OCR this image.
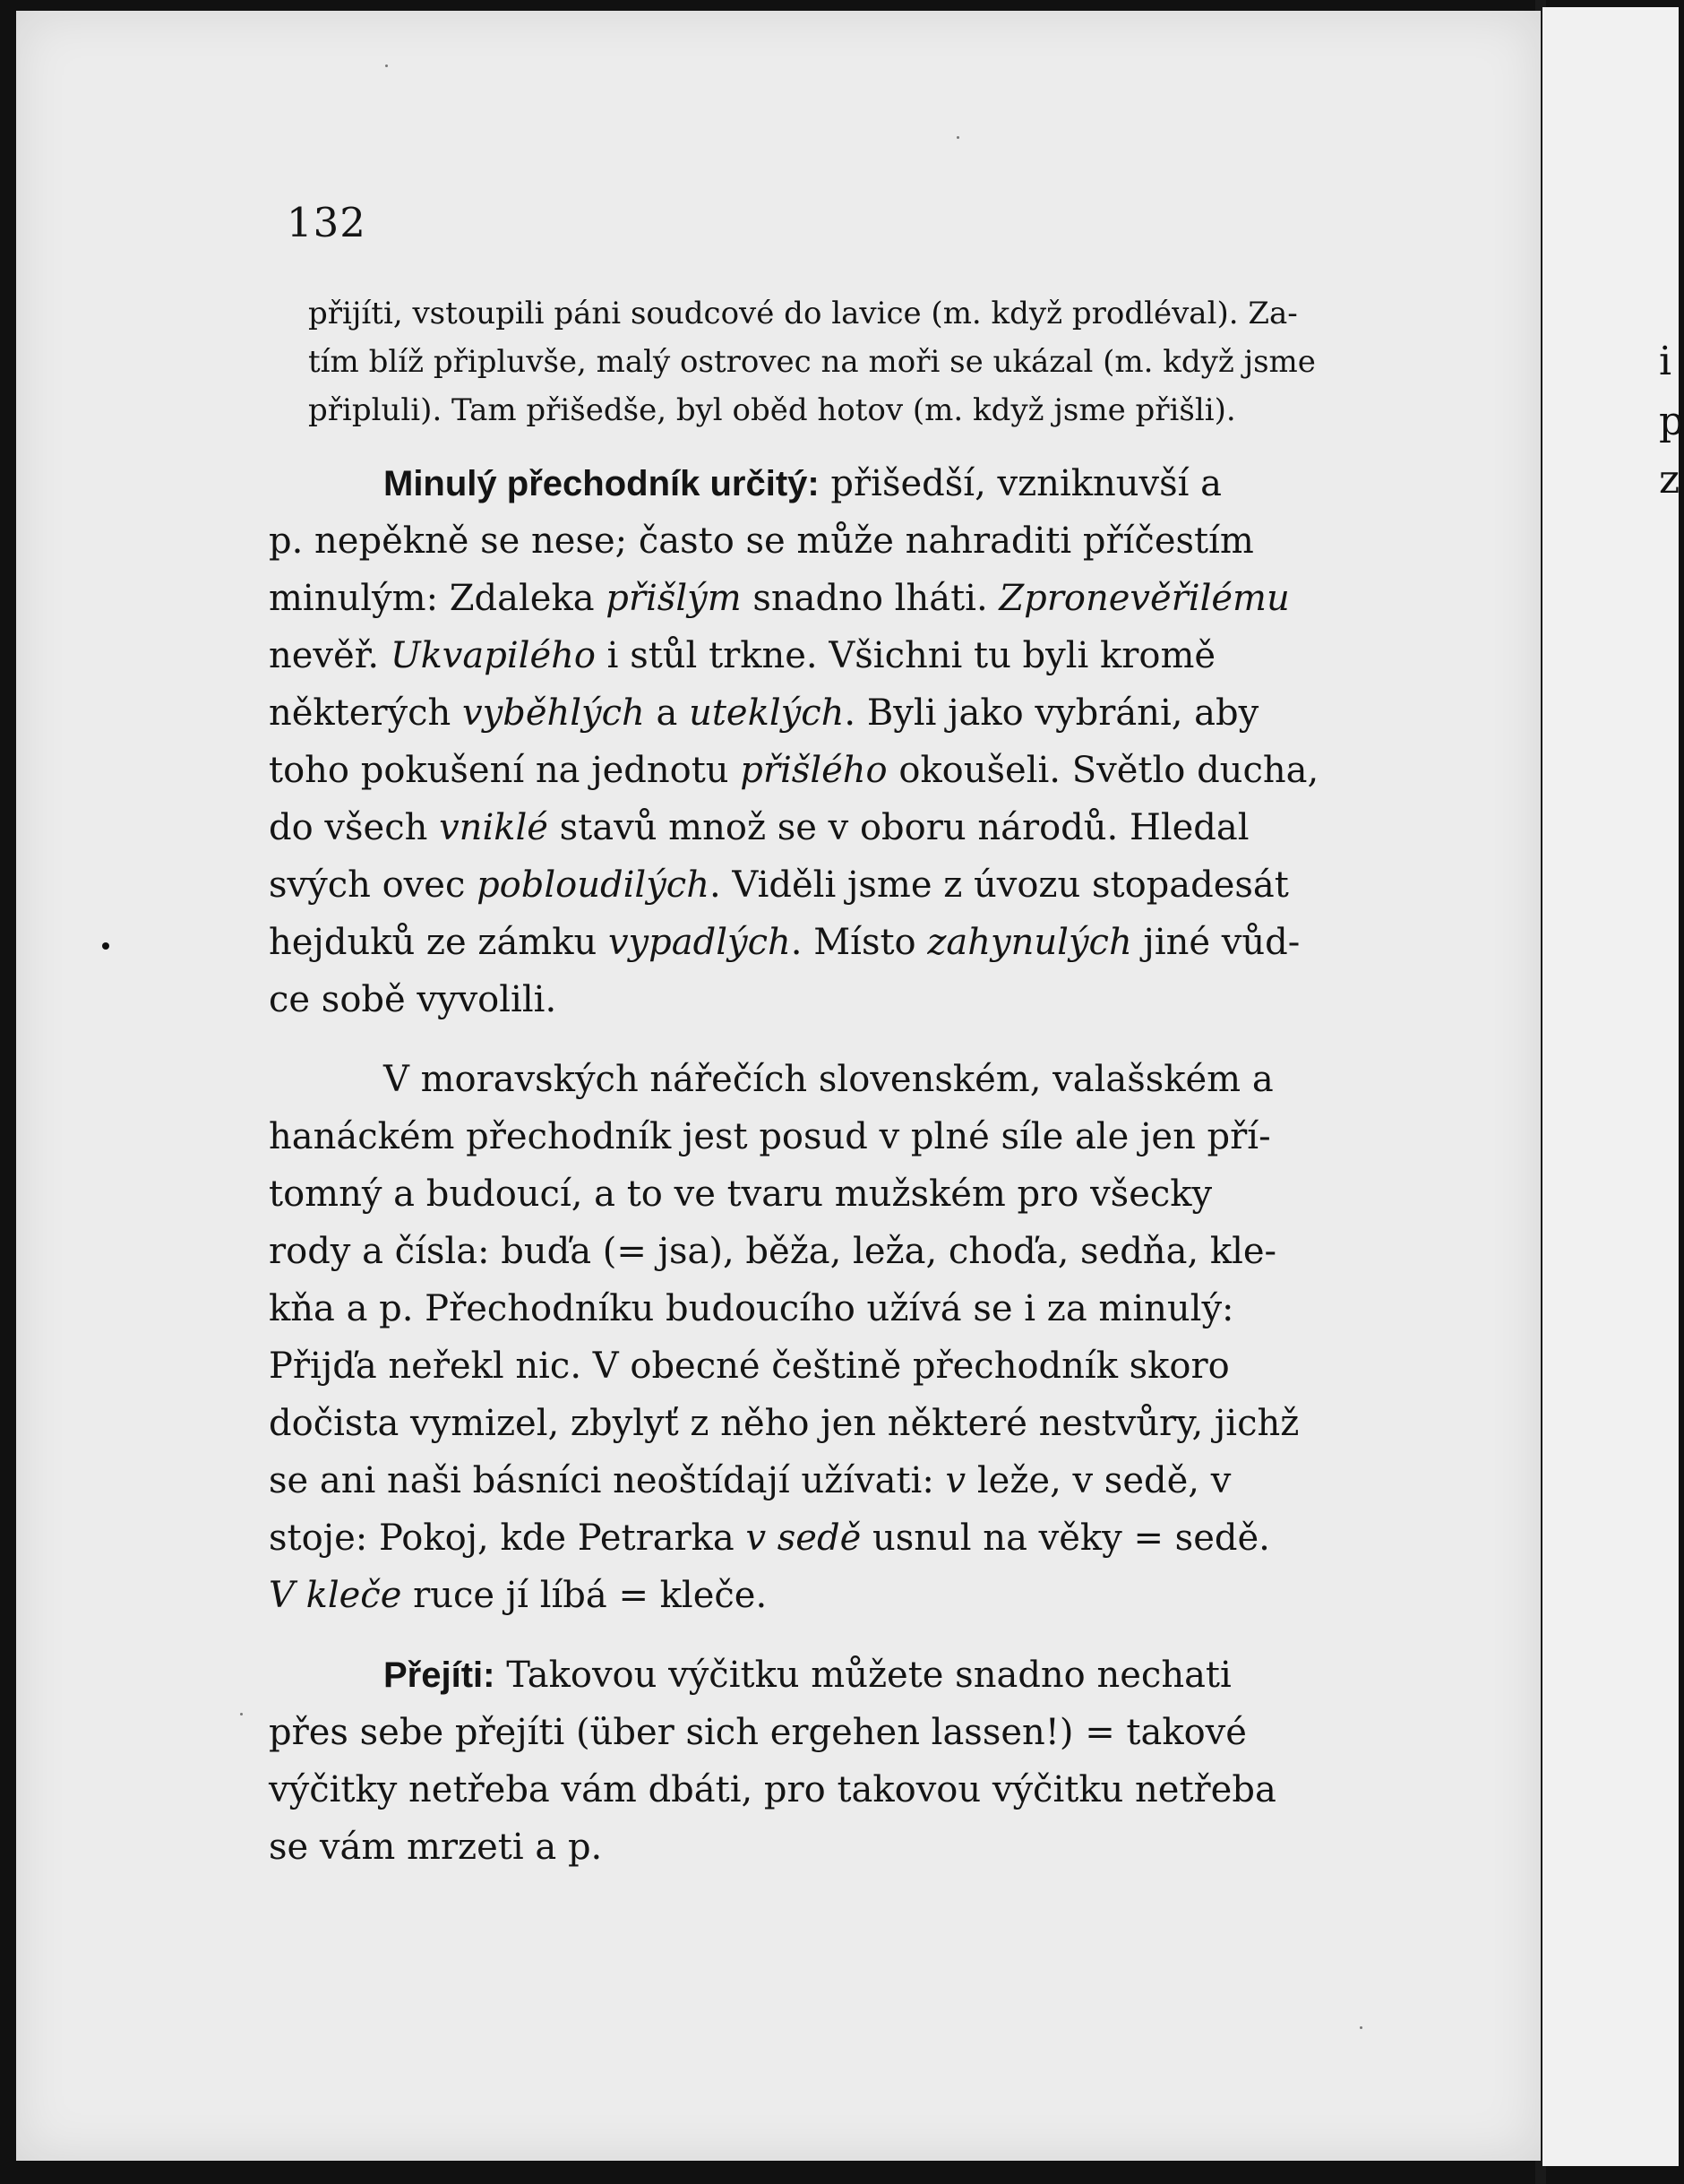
132
přijíti, vstoupili páni soudcové do lavice (m. když prodléval). Za-
tím blíž připluvše, malý ostrovec na moři se ukázal (m. když jsme
připluli). Tam přišedše, byl oběd hotov (m. když jsme přišli).
Minulý přechodník určitý: přišedší, vzniknuvší a
p. nepěkně se nese; často se může nahraditi příčestím
minulým: Zdaleka přišlým snadno lháti. Zpronevěřilému
nevěř. Ukvapilého i stůl trkne. Všichni tu byli kromě
některých vyběhlých a uteklých. Byli jako vybráni, aby
toho pokušení na jednotu přišlého okoušeli. Světlo ducha,
do všech vniklé stavů množ se v oboru národů. Hledal
svých ovec pobloudilých. Viděli jsme z úvozu stopadesát
hejduků ze zámku vypadlých. Místo zahynulých jiné vůd-
ce sobě vyvolili.
V moravských nářečích slovenském, valašském a
hanáckém přechodník jest posud v plné síle ale jen pří-
tomný a budoucí, a to ve tvaru mužském pro všecky
rody a čísla: buďa (= jsa), běža, leža, choďa, sedňa, kle-
kňa a p. Přechodníku budoucího užívá se i za minulý:
Přijďa neřekl nic. V obecné češtině přechodník skoro
dočista vymizel, zbylyť z něho jen některé nestvůry, jichž
se ani naši básníci neoštídají užívati: v leže, v sedě, v
stoje: Pokoj, kde Petrarka v sedě usnul na věky = sedě.
V kleče ruce jí líbá = kleče.
Přejíti: Takovou výčitku můžete snadno nechati
přes sebe přejíti (über sich ergehen lassen!) = takové
výčitky netřeba vám dbáti, pro takovou výčitku netřeba
se vám mrzeti a p.
i
p
z
